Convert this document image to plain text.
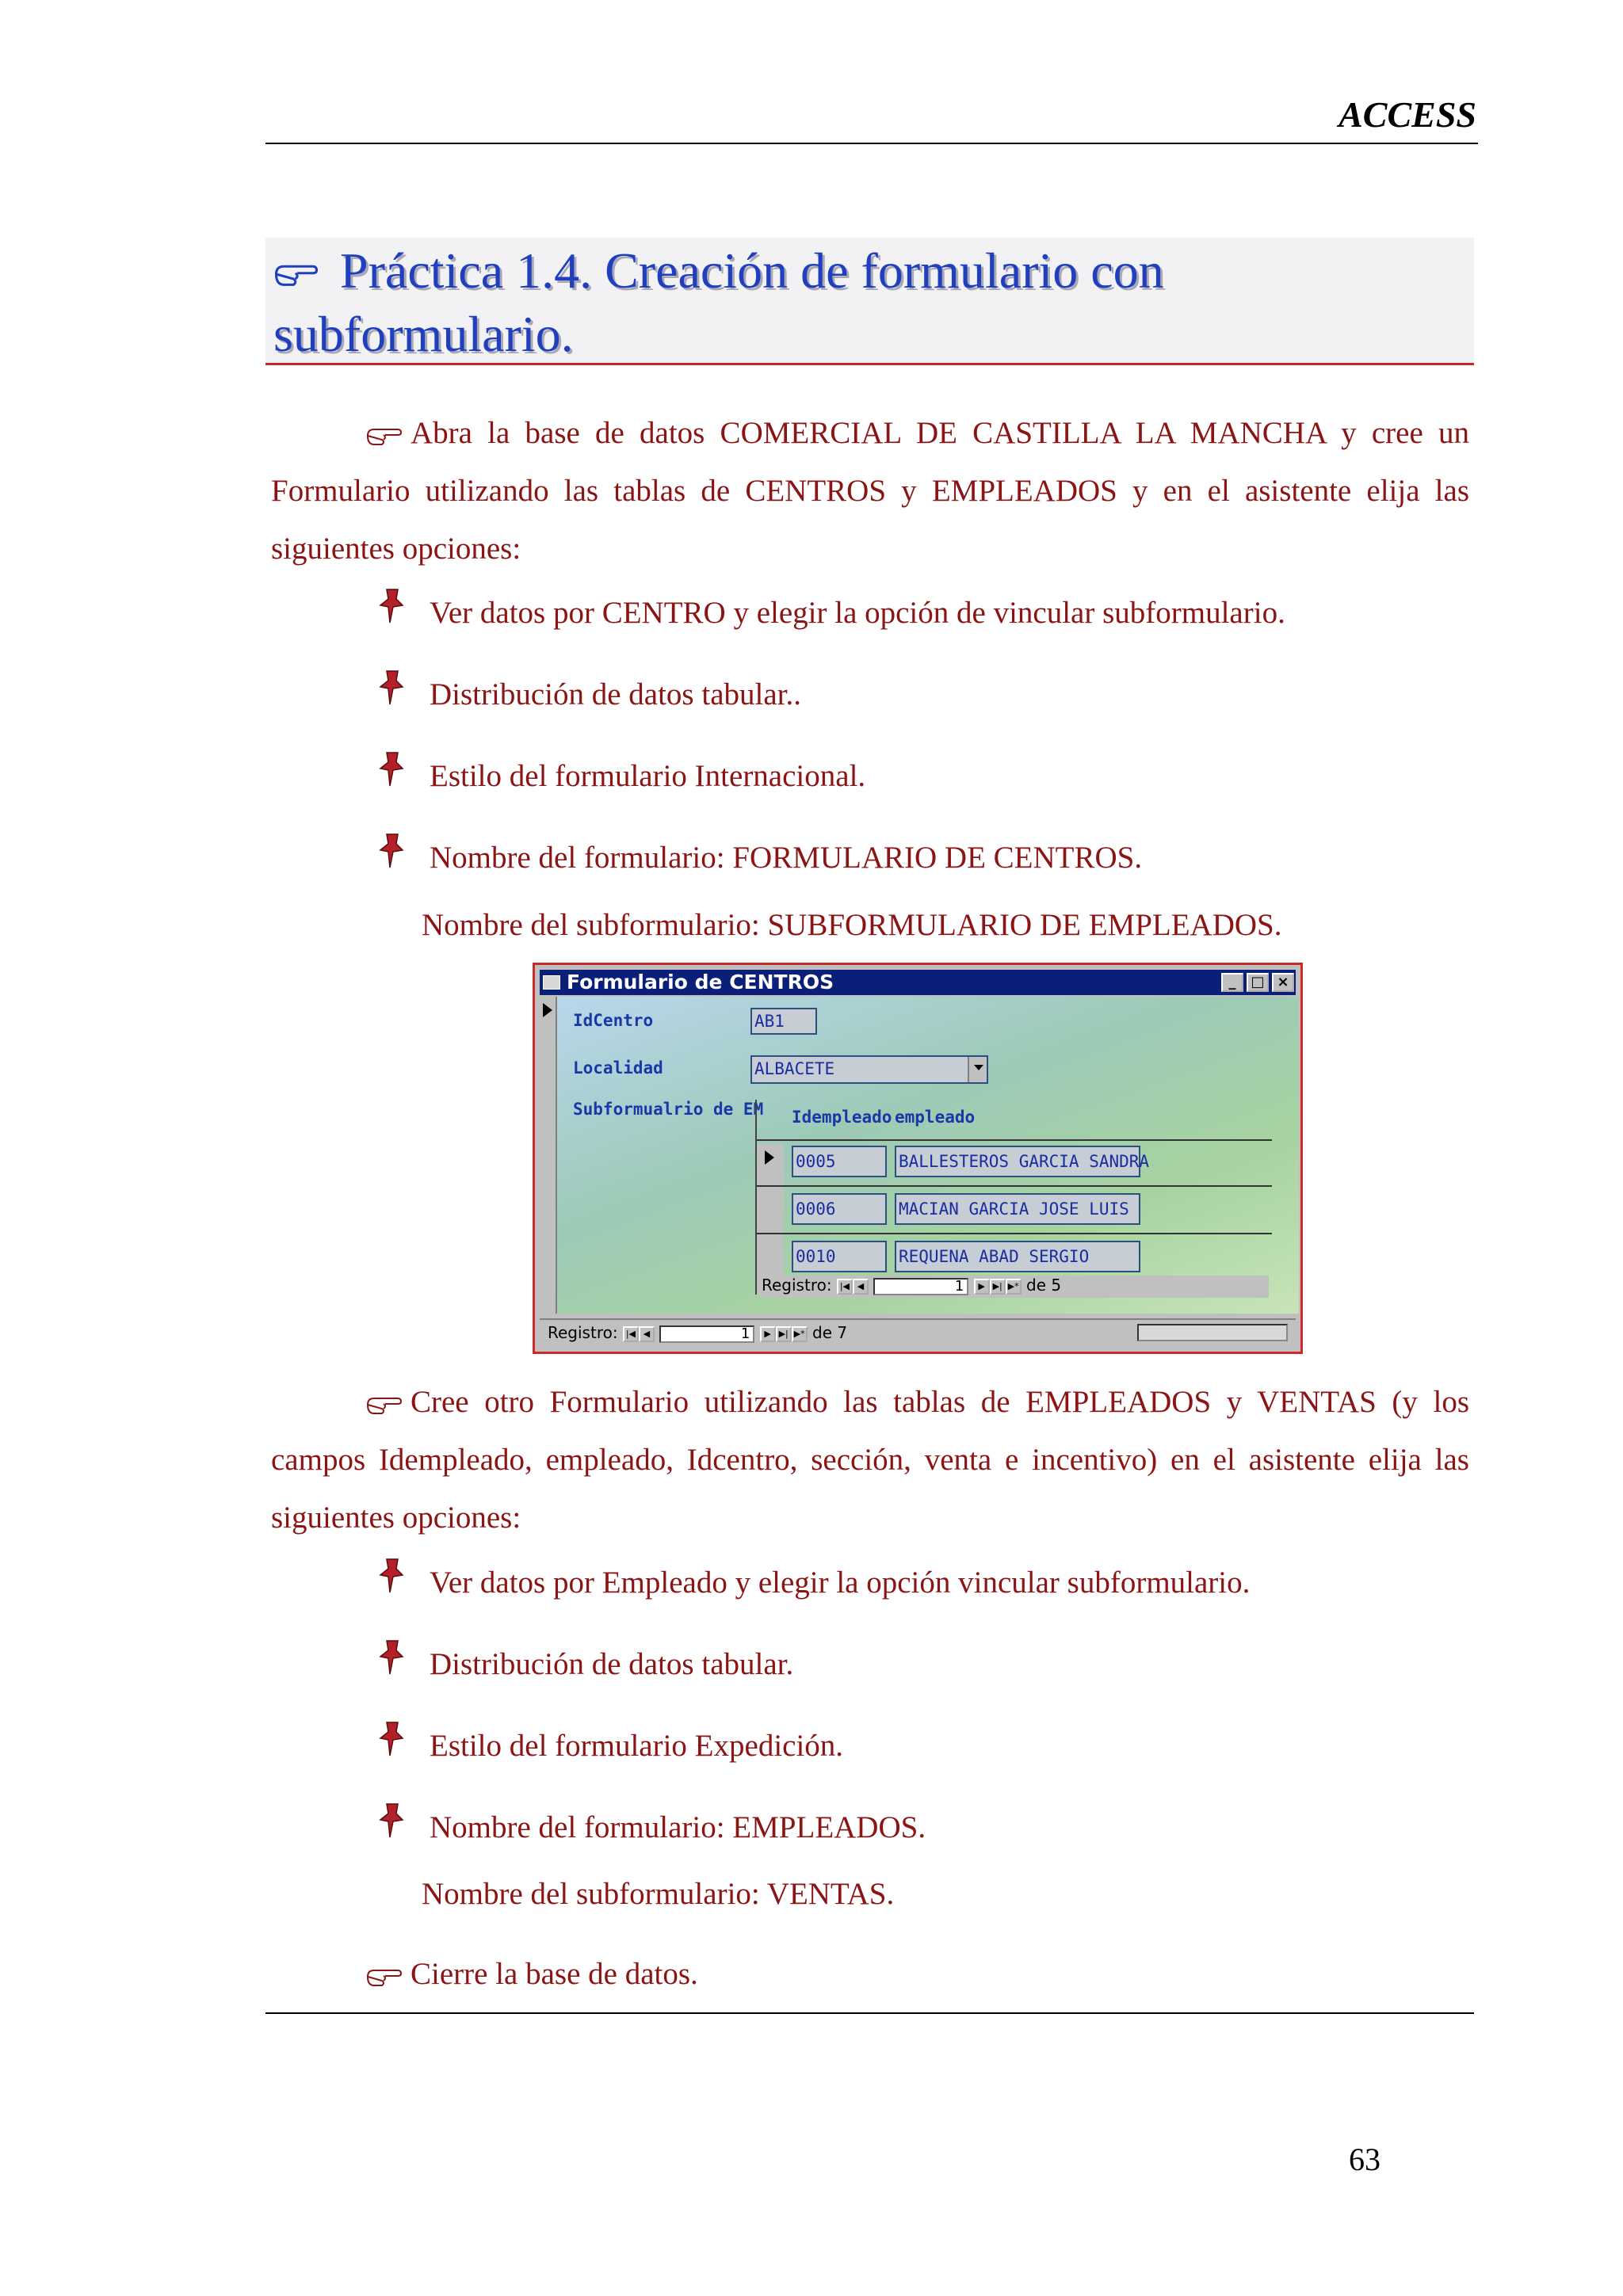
ACCESS
Práctica 1.4. Creación de formulario con subformulario.
Abra la base de datos COMERCIAL DE CASTILLA LA MANCHA y cree un Formulario utilizando las tablas de CENTROS y EMPLEADOS y en el asistente elija las siguientes opciones:
Ver datos por CENTRO y elegir la opción de vincular subformulario.
Distribución de datos tabular..
Estilo del formulario Internacional.
Nombre del formulario: FORMULARIO DE CENTROS.
Nombre del subformulario: SUBFORMULARIO DE EMPLEADOS.
Formulario de CENTROS	_	□ ×
IdCentro	AB1
Localidad	ALBACETE
Subformualrio de EM Idempleado empleado
0005	BALLESTEROS GARCIA SANDRA
0006	MACIAN GARCIA JOSE LUIS
0010	REQUENA ABAD SERGIO
Registro: |◀ ◀	1 ▶ ▶| ▶* de 5
Registro: |◀ ◀	1 ▶ ▶| ▶* de 7
Cree otro Formulario utilizando las tablas de EMPLEADOS y VENTAS (y los campos Idempleado, empleado, Idcentro, sección, venta e incentivo) en el asistente elija las siguientes opciones:
Ver datos por Empleado y elegir la opción vincular subformulario.
Distribución de datos tabular.
Estilo del formulario Expedición.
Nombre del formulario: EMPLEADOS.
Nombre del subformulario: VENTAS.
Cierre la base de datos.
63
